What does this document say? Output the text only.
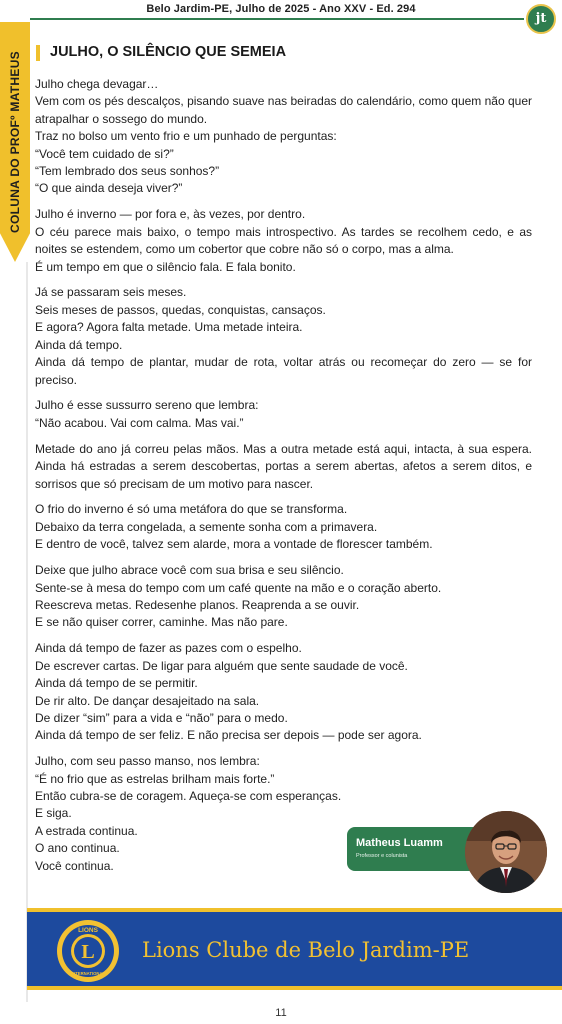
Belo Jardim-PE, Julho de 2025 - Ano XXV - Ed. 294
jt
COLUNA DO PROFº MATHEUS JULHO, O SILÊNCIO QUE SEMEIA
Julho chega devagar…
Vem com os pés descalços, pisando suave nas beiradas do calendário, como quem não quer atrapalhar o sossego do mundo.
Traz no bolso um vento frio e um punhado de perguntas:
“Você tem cuidado de si?”
“Tem lembrado dos seus sonhos?”
“O que ainda deseja viver?”
Julho é inverno — por fora e, às vezes, por dentro.
O céu parece mais baixo, o tempo mais introspectivo. As tardes se recolhem cedo, e as noites se estendem, como um cobertor que cobre não só o corpo, mas a alma.
É um tempo em que o silêncio fala. E fala bonito.
Já se passaram seis meses.
Seis meses de passos, quedas, conquistas, cansaços.
E agora? Agora falta metade. Uma metade inteira.
Ainda dá tempo.
Ainda dá tempo de plantar, mudar de rota, voltar atrás ou recomeçar do zero — se for preciso.
Julho é esse sussurro sereno que lembra:
“Não acabou. Vai com calma. Mas vai.”
Metade do ano já correu pelas mãos. Mas a outra metade está aqui, intacta, à sua espera. Ainda há estradas a serem descobertas, portas a serem abertas, afetos a serem ditos, e sorrisos que só precisam de um motivo para nascer.
O frio do inverno é só uma metáfora do que se transforma.
Debaixo da terra congelada, a semente sonha com a primavera.
E dentro de você, talvez sem alarde, mora a vontade de florescer também.
Deixe que julho abrace você com sua brisa e seu silêncio.
Sente-se à mesa do tempo com um café quente na mão e o coração aberto.
Reescreva metas. Redesenhe planos. Reaprenda a se ouvir.
E se não quiser correr, caminhe. Mas não pare.
Ainda dá tempo de fazer as pazes com o espelho.
De escrever cartas. De ligar para alguém que sente saudade de você.
Ainda dá tempo de se permitir.
De rir alto. De dançar desajeitado na sala.
De dizer “sim” para a vida e “não” para o medo.
Ainda dá tempo de ser feliz. E não precisa ser depois — pode ser agora.
Julho, com seu passo manso, nos lembra:
“É no frio que as estrelas brilham mais forte.”
Então cubra-se de coragem. Aqueça-se com esperanças.
E siga.
A estrada continua.
O ano continua.
Você continua.
Matheus Luamm
Professor e colunista
L
LIONS
INTERNATIONAL
Lions Clube de Belo Jardim-PE
11
